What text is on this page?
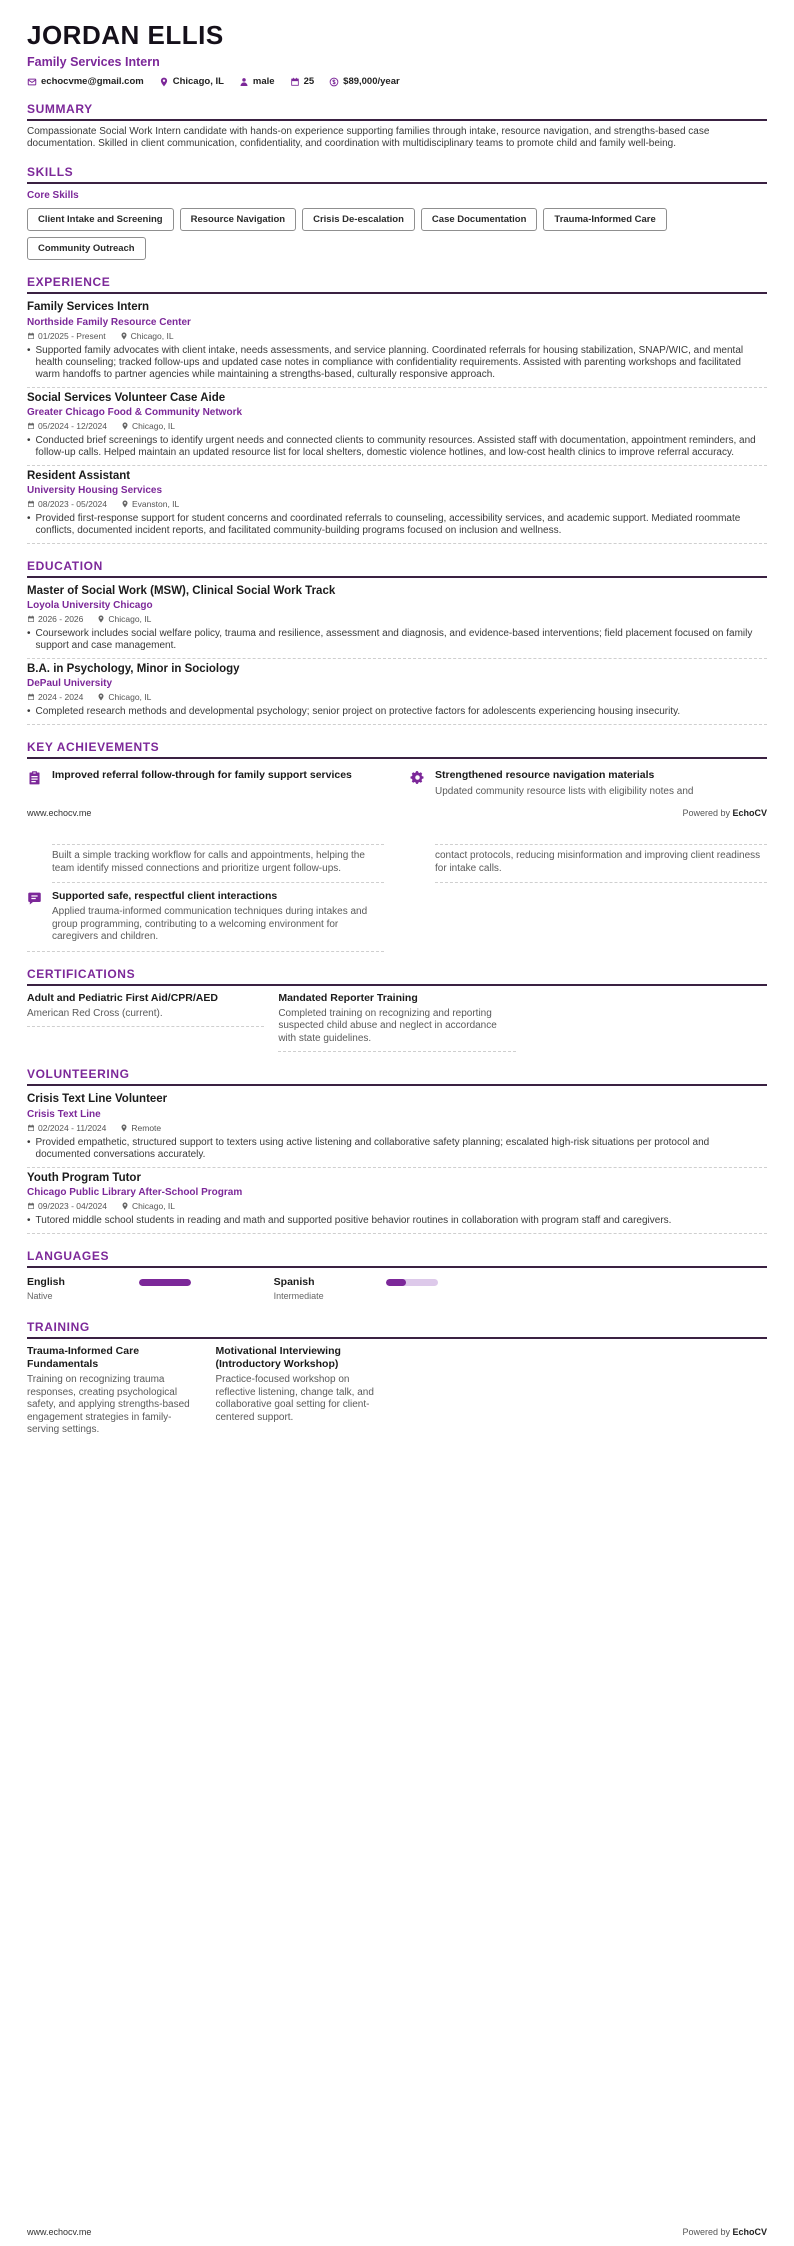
JORDAN ELLIS
Family Services Intern
echocvme@gmail.com	Chicago, IL	male	25	$89,000/year
SUMMARY
Compassionate Social Work Intern candidate with hands-on experience supporting families through intake, resource navigation, and strengths-based case documentation. Skilled in client communication, confidentiality, and coordination with multidisciplinary teams to promote child and family well-being.
SKILLS
Core Skills
Client Intake and Screening	Resource Navigation	Crisis De-escalation	Case Documentation	Trauma-Informed Care
Community Outreach
EXPERIENCE
Family Services Intern
Northside Family Resource Center
01/2025 - Present	Chicago, IL
•
Supported family advocates with client intake, needs assessments, and service planning. Coordinated referrals for housing stabilization, SNAP/WIC, and mental health counseling; tracked follow-ups and updated case notes in compliance with confidentiality requirements. Assisted with parenting workshops and facilitated warm handoffs to partner agencies while maintaining a strengths-based, culturally responsive approach.
Social Services Volunteer Case Aide
Greater Chicago Food & Community Network
05/2024 - 12/2024	Chicago, IL
•
Conducted brief screenings to identify urgent needs and connected clients to community resources. Assisted staff with documentation, appointment reminders, and follow-up calls. Helped maintain an updated resource list for local shelters, domestic violence hotlines, and low-cost health clinics to improve referral accuracy.
Resident Assistant
University Housing Services
08/2023 - 05/2024	Evanston, IL
•
Provided first-response support for student concerns and coordinated referrals to counseling, accessibility services, and academic support. Mediated roommate conflicts, documented incident reports, and facilitated community-building programs focused on inclusion and wellness.
EDUCATION
Master of Social Work (MSW), Clinical Social Work Track
Loyola University Chicago
2026 - 2026	Chicago, IL
•
Coursework includes social welfare policy, trauma and resilience, assessment and diagnosis, and evidence-based interventions; field placement focused on family support and case management.
B.A. in Psychology, Minor in Sociology
DePaul University
2024 - 2024	Chicago, IL
•
Completed research methods and developmental psychology; senior project on protective factors for adolescents experiencing housing insecurity.
KEY ACHIEVEMENTS
Improved referral follow-through for family support services	Strengthened resource navigation materials
Updated community resource lists with eligibility notes and
www.echocv.me	Powered by EchoCV
Built a simple tracking workflow for calls and appointments, helping the team identify missed connections and prioritize urgent follow-ups.
contact protocols, reducing misinformation and improving client readiness for intake calls.
Supported safe, respectful client interactions
Applied trauma-informed communication techniques during intakes and group programming, contributing to a welcoming environment for caregivers and children.
CERTIFICATIONS
Adult and Pediatric First Aid/CPR/AED
American Red Cross (current).
Mandated Reporter Training
Completed training on recognizing and reporting suspected child abuse and neglect in accordance with state guidelines.
VOLUNTEERING
Crisis Text Line Volunteer
Crisis Text Line
02/2024 - 11/2024	Remote
•
Provided empathetic, structured support to texters using active listening and collaborative safety planning; escalated high-risk situations per protocol and documented conversations accurately.
Youth Program Tutor
Chicago Public Library After-School Program
09/2023 - 04/2024	Chicago, IL
•
Tutored middle school students in reading and math and supported positive behavior routines in collaboration with program staff and caregivers.
LANGUAGES
English
Native
Spanish
Intermediate
TRAINING
Trauma-Informed Care Fundamentals
Training on recognizing trauma responses, creating psychological safety, and applying strengths-based engagement strategies in family-serving settings.
Motivational Interviewing (Introductory Workshop)
Practice-focused workshop on reflective listening, change talk, and collaborative goal setting for client-centered support.
www.echocv.me	Powered by EchoCV
